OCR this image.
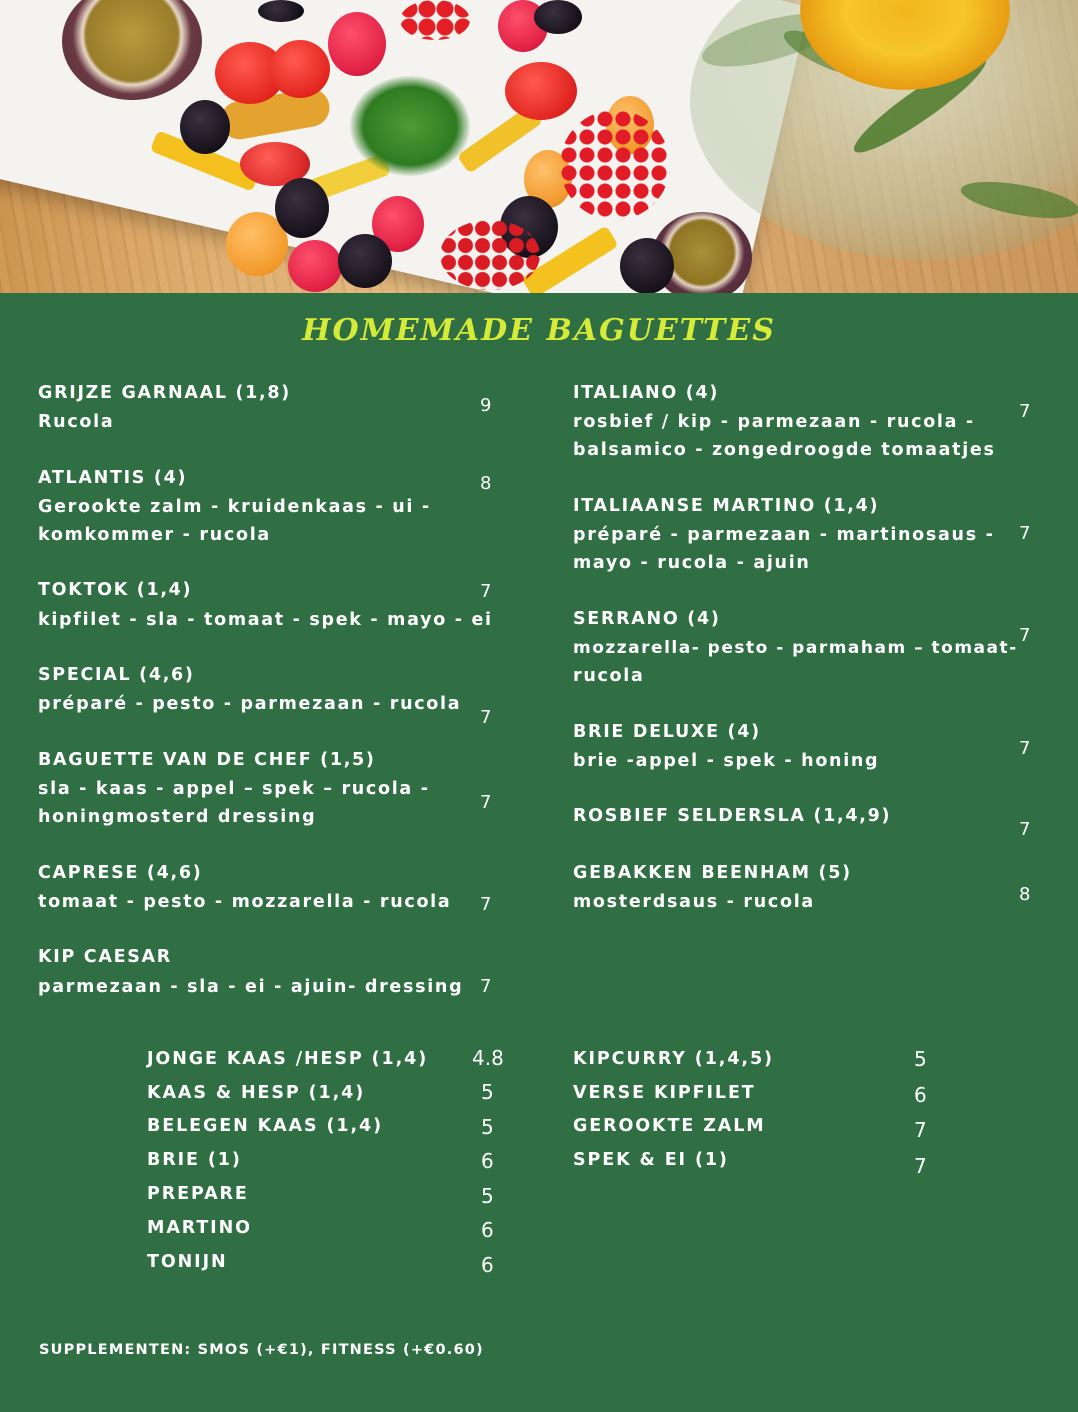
HOMEMADE BAGUETTES
GRIJZE GARNAAL (1,8)
Rucola
9
ATLANTIS (4)
Gerookte zalm - kruidenkaas - ui -
komkommer - rucola
8
TOKTOK (1,4)
kipfilet - sla - tomaat - spek - mayo - ei
7
SPECIAL (4,6)
préparé - pesto - parmezaan - rucola
7
BAGUETTE VAN DE CHEF (1,5)
sla - kaas - appel – spek – rucola -
honingmosterd dressing
7
CAPRESE (4,6)
tomaat - pesto - mozzarella - rucola 7
KIP CAESAR
parmezaan - sla - ei - ajuin- dressing 7
ITALIANO (4)
rosbief / kip - parmezaan - rucola -
balsamico - zongedroogde tomaatjes
7
ITALIAANSE MARTINO (1,4)
préparé - parmezaan - martinosaus -
mayo - rucola - ajuin
7
SERRANO (4)
mozzarella- pesto - parmaham – tomaat-
rucola
7
BRIE DELUXE (4)
brie -appel - spek - honing
7
ROSBIEF SELDERSLA (1,4,9)
7
GEBAKKEN BEENHAM (5)
mosterdsaus - rucola	8
JONGE KAAS /HESP (1,4) 4.8
KAAS & HESP (1,4)	5
BELEGEN KAAS (1,4)	5
BRIE (1)	6
PREPARE	5
MARTINO	6
TONIJN	6
KIPCURRY (1,4,5)	5
VERSE KIPFILET	6
GEROOKTE ZALM	7
SPEK & EI (1)	7
SUPPLEMENTEN: SMOS (+€1), FITNESS (+€0.60)
